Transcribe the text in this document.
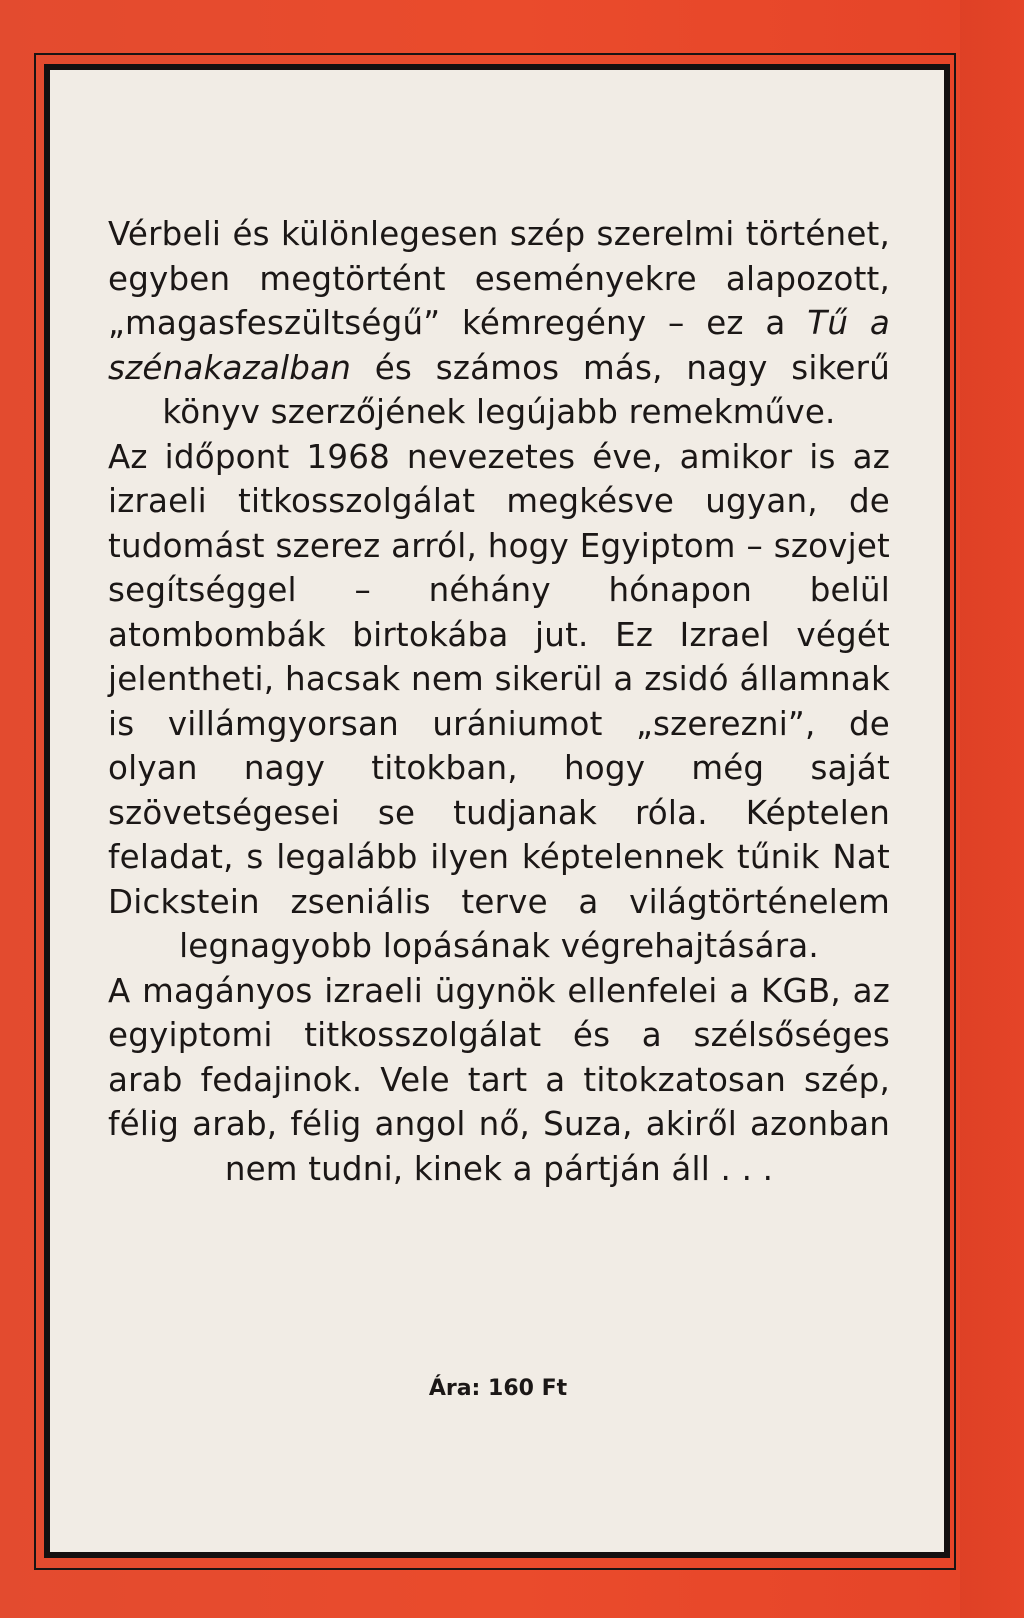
Vérbeli és különlegesen szép szerelmi történet, egyben megtörtént eseményekre alapozott, „magasfeszültségű” kémregény – ez a Tű a szénakazalban és számos más, nagy sikerű könyv szerzőjének legújabb remekműve.

Az időpont 1968 nevezetes éve, amikor is az izraeli titkosszolgálat megkésve ugyan, de tudomást szerez arról, hogy Egyiptom – szovjet segítséggel – néhány hónapon belül atombombák birtokába jut. Ez Izrael végét jelentheti, hacsak nem sikerül a zsidó államnak is villámgyorsan urániumot „szerezni”, de olyan nagy titokban, hogy még saját szövetségesei se tudjanak róla. Képtelen feladat, s legalább ilyen képtelennek tűnik Nat Dickstein zseniális terve a világtörténelem legnagyobb lopásának végrehajtására.

A magányos izraeli ügynök ellenfelei a KGB, az egyiptomi titkosszolgálat és a szélsőséges arab fedajinok. Vele tart a titokzatosan szép, félig arab, félig angol nő, Suza, akiről azonban nem tudni, kinek a pártján áll . . .

Ára: 160 Ft
